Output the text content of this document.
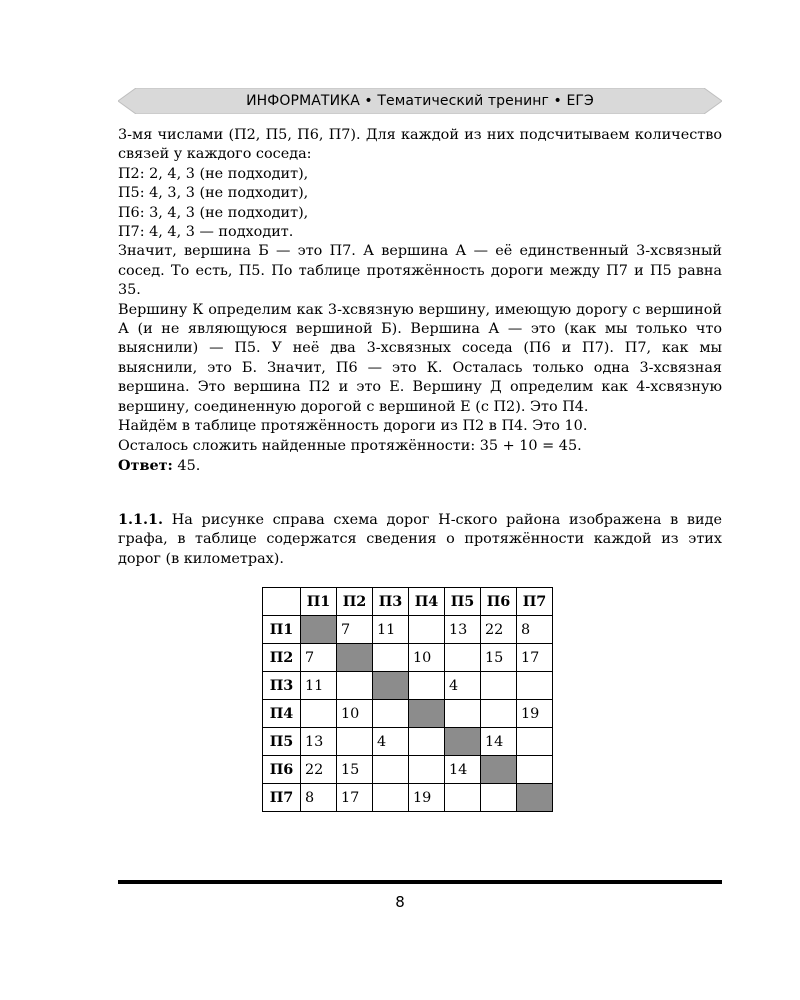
ИНФОРМАТИКА • Тематический тренинг • ЕГЭ

3-мя числами (П2, П5, П6, П7). Для каждой из них подсчитываем количество связей у каждого соседа:

П2: 2, 4, 3 (не подходит),

П5: 4, 3, 3 (не подходит),

П6: 3, 4, 3 (не подходит),

П7: 4, 4, 3 — подходит.

Значит, вершина Б — это П7. А вершина А — её единственный 3-хсвязный сосед. То есть, П5. По таблице протяжённость дороги между П7 и П5 равна 35.

Вершину К определим как 3-хсвязную вершину, имеющую дорогу с вершиной А (и не являющуюся вершиной Б). Вершина А — это (как мы только что выяснили) — П5. У неё два 3-хсвязных соседа (П6 и П7). П7, как мы выяснили, это Б. Значит, П6 — это К. Осталась только одна 3-хсвязная вершина. Это вершина П2 и это Е. Вершину Д определим как 4-хсвязную вершину, соединенную дорогой с вершиной Е (с П2). Это П4.

Найдём в таблице протяжённость дороги из П2 в П4. Это 10.

Осталось сложить найденные протяжённости: 35 + 10 = 45.

Ответ: 45.

1.1.1. На рисунке справа схема дорог Н-ского района изображена в виде графа, в таблице содержатся сведения о протяжённости каждой из этих дорог (в километрах).

	П1	П2	П3	П4	П5	П6	П7
П1		7	11		13	22	8
П2	7			10		15	17
П3	11				4		
П4		10					19
П5	13		4			14	
П6	22	15			14		
П7	8	17		19			
8
